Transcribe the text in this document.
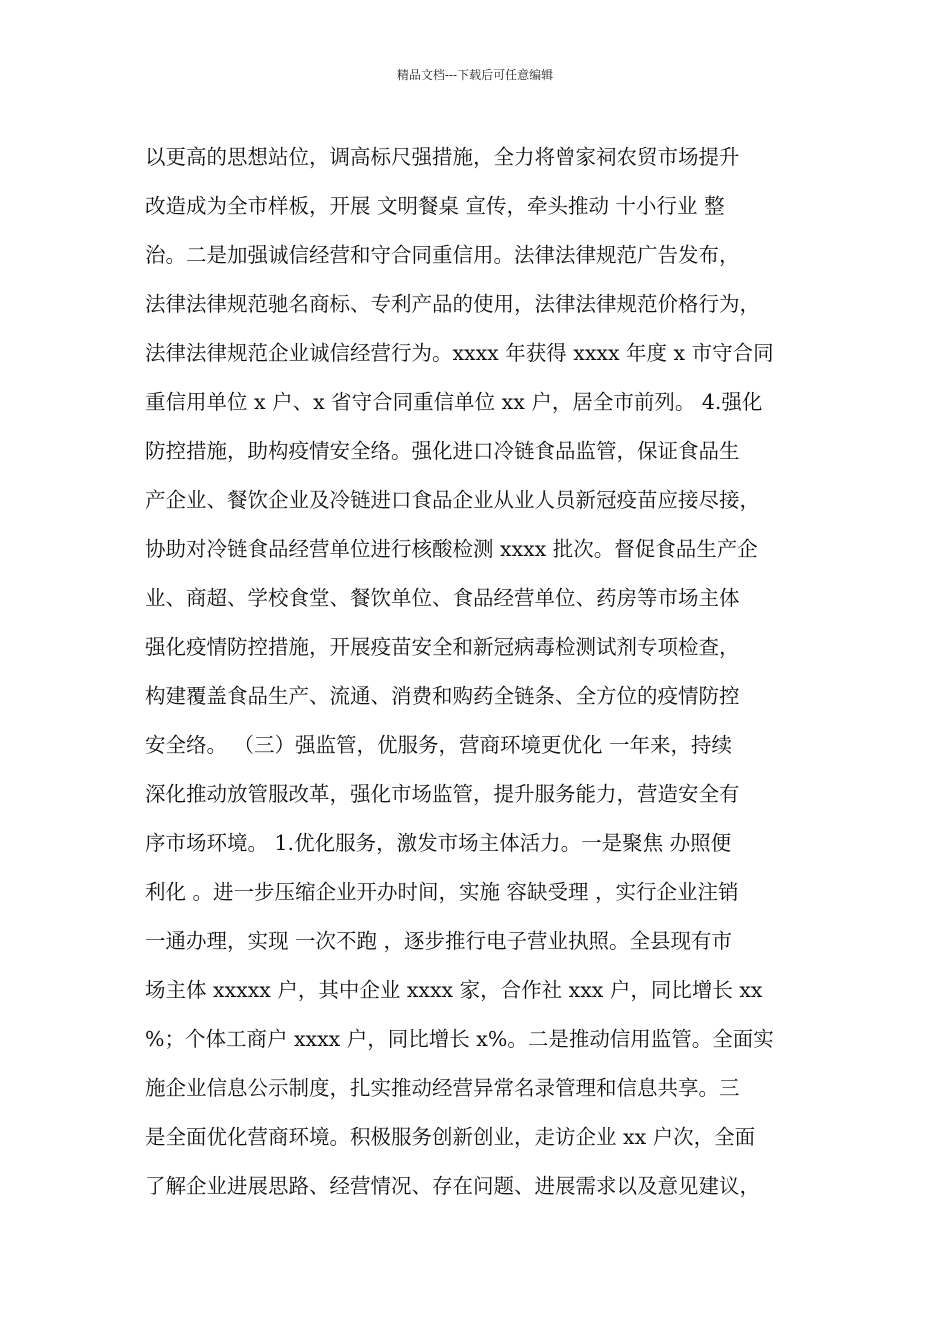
精品文档---下载后可任意编辑
以更高的思想站位，调高标尺强措施，全力将曾家祠农贸市场提升
改造成为全市样板，开展 文明餐桌 宣传，牵头推动 十小行业 整
治。二是加强诚信经营和守合同重信用。法律法律规范广告发布，
法律法律规范驰名商标、专利产品的使用，法律法律规范价格行为，
法律法律规范企业诚信经营行为。xxxx 年获得 xxxx 年度 x 市守合同
重信用单位 x 户、x 省守合同重信单位 xx 户，居全市前列。 4.强化
防控措施，助构疫情安全络。强化进口冷链食品监管，保证食品生
产企业、餐饮企业及冷链进口食品企业从业人员新冠疫苗应接尽接，
协助对冷链食品经营单位进行核酸检测 xxxx 批次。督促食品生产企
业、商超、学校食堂、餐饮单位、食品经营单位、药房等市场主体
强化疫情防控措施，开展疫苗安全和新冠病毒检测试剂专项检查，
构建覆盖食品生产、流通、消费和购药全链条、全方位的疫情防控
安全络。 （三）强监管，优服务，营商环境更优化 一年来，持续
深化推动放管服改革，强化市场监管，提升服务能力，营造安全有
序市场环境。 1.优化服务，激发市场主体活力。一是聚焦 办照便
利化 。进一步压缩企业开办时间，实施 容缺受理 ，实行企业注销
一通办理，实现 一次不跑 ，逐步推行电子营业执照。全县现有市
场主体 xxxxx 户，其中企业 xxxx 家，合作社 xxx 户，同比增长 xx
%；个体工商户 xxxx 户，同比增长 x%。二是推动信用监管。全面实
施企业信息公示制度，扎实推动经营异常名录管理和信息共享。三
是全面优化营商环境。积极服务创新创业，走访企业 xx 户次，全面
了解企业进展思路、经营情况、存在问题、进展需求以及意见建议，
